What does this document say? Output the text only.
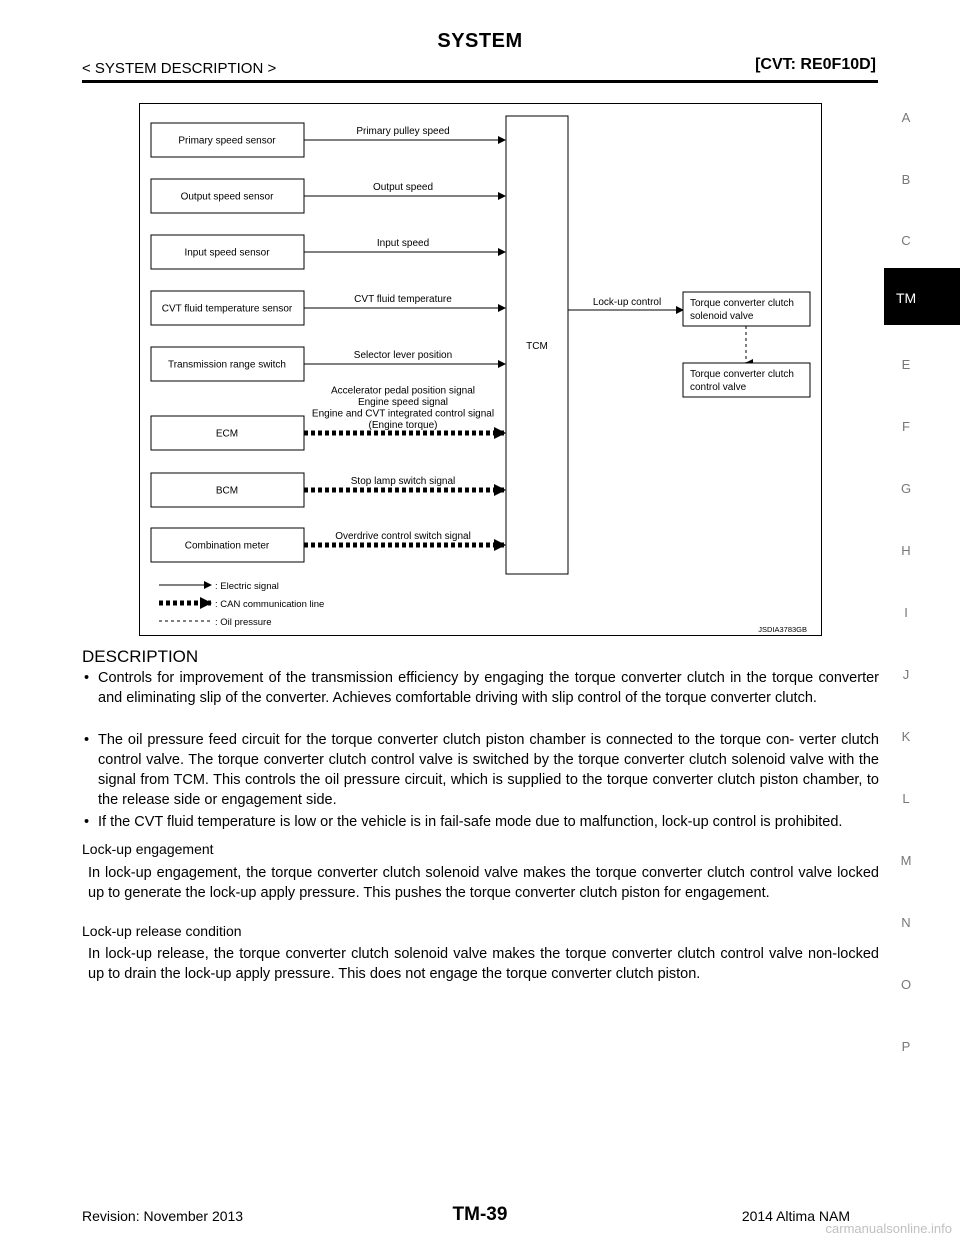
SYSTEM
< SYSTEM DESCRIPTION >	[CVT: RE0F10D]
TM
A
B
C
E
F
G
H
I
J
K
L
M
N
O
P
Primary speed sensor
Primary pulley speed
Output speed sensor
Output speed
Input speed sensor
Input speed
CVT fluid temperature sensor
CVT fluid temperature
Transmission range switch
Selector lever position
ECM
Accelerator pedal position signal
Engine speed signal
Engine and CVT integrated control signal
(Engine torque)
BCM
Stop lamp switch signal
Combination meter
Overdrive control switch signal
TCM
Lock-up control	Torque converter clutch
solenoid valve
Torque converter clutch
control valve
: Electric signal
: CAN communication line
: Oil pressure
JSDIA3783GB
DESCRIPTION
• Controls for improvement of the transmission efficiency by engaging the torque converter clutch in the torque converter and eliminating slip of the converter. Achieves comfortable driving with slip control of the torque converter clutch.
• The oil pressure feed circuit for the torque converter clutch piston chamber is connected to the torque con- verter clutch control valve. The torque converter clutch control valve is switched by the torque converter clutch solenoid valve with the signal from TCM. This controls the oil pressure circuit, which is supplied to the torque converter clutch piston chamber, to the release side or engagement side.
• If the CVT fluid temperature is low or the vehicle is in fail-safe mode due to malfunction, lock-up control is prohibited.
Lock-up engagement
In lock-up engagement, the torque converter clutch solenoid valve makes the torque converter clutch control valve locked up to generate the lock-up apply pressure. This pushes the torque converter clutch piston for engagement.
Lock-up release condition
In lock-up release, the torque converter clutch solenoid valve makes the torque converter clutch control valve non-locked up to drain the lock-up apply pressure. This does not engage the torque converter clutch piston.
Revision: November 2013	TM-39	2014 Altima NAM
carmanualsonline.info
